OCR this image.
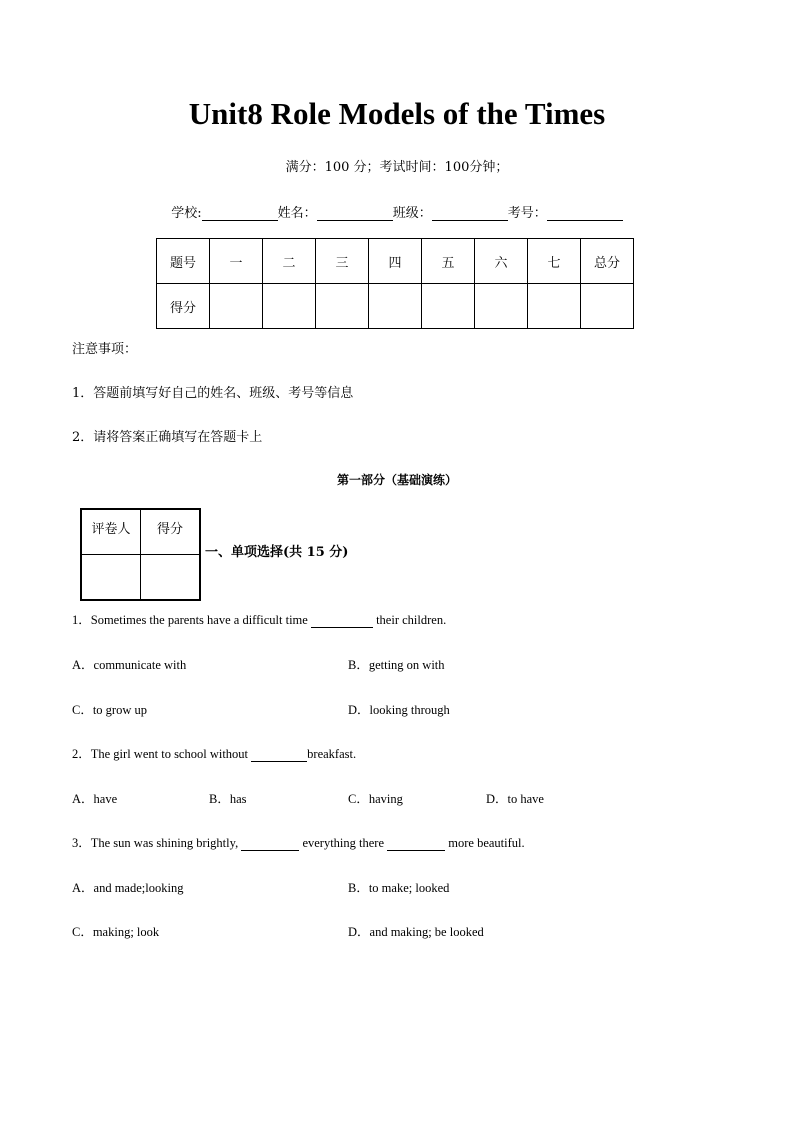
Unit8 Role Models of the Times
满分：100 分；考试时间：100分钟；
学校:	姓名：	班级：	考号：
题号	一	二	三	四	五	六	七	总分
得分								
注意事项：
1．答题前填写好自己的姓名、班级、考号等信息
2．请将答案正确填写在答题卡上
第一部分（基础演练）
评卷人	得分

一、单项选择(共 15 分)
1．Sometimes the parents have a difficult time	their children.
A．communicate with	B．getting on with
C．to grow up	D．looking through
2．The girl went to school without	breakfast.
A．have	B．has	C．having	D．to have
3．The sun was shining brightly,	everything there	more beautiful.
A．and made;looking	B．to make; looked
C．making; look	D．and making; be looked
